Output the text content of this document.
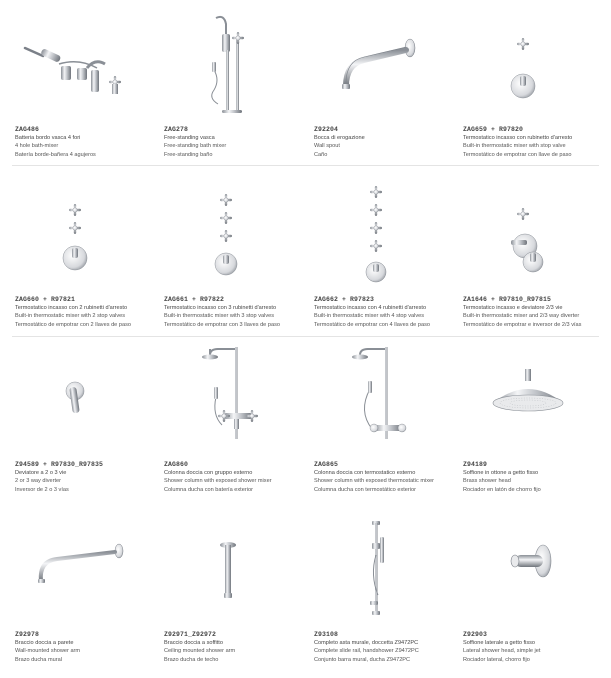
ZAG486
Batteria bordo vasca 4 fori
4 hole bath-mixer
Batería borde-bañera 4 agujeros
ZAG278
Free-standing vasca
Free-standing bath mixer
Free-standing baño
Z92204
Bocca di erogazione
Wall spout
Caño
ZAG659 + R97820
Termostatico incasso con rubinetto d'arresto
Built-in thermostatic mixer with stop valve
Termostático de empotrar con llave de paso
ZAG660 + R97821
Termostatico incasso con 2 rubinetti d'arresto
Built-in thermostatic mixer with 2 stop valves
Termostático de empotrar con 2 llaves de paso
ZAG661 + R97822
Termostatico incasso con 3 rubinetti d'arresto
Built-in thermostatic mixer with 3 stop valves
Termostático de empotrar con 3 llaves de paso
ZAG662 + R97823
Termostatico incasso con 4 rubinetti d'arresto
Built-in thermostatic mixer with 4 stop valves
Termostático de empotrar con 4 llaves de paso
ZA1646 + R97810_R97815
Termostatico incasso e deviatore 2/3 vie
Built-in thermostatic mixer and 2/3 way diverter
Termostático de empotrar e inversor de 2/3 vías
Z94589 + R97830_R97835
Deviatore a 2 o 3 vie
2 or 3 way diverter
Inversor de 2 o 3 vías
ZAG860
Colonna doccia con gruppo esterno
Shower column with exposed shower mixer
Columna ducha con batería exterior
ZAG865
Colonna doccia con termostatico esterno
Shower column with exposed thermostatic mixer
Columna ducha con termostático exterior
Z94189
Soffione in ottone a getto fisso
Brass shower head
Rociador en latón de chorro fijo
Z92978
Braccio doccia a parete
Wall-mounted shower arm
Brazo ducha mural
Z92971_Z92972
Braccio doccia a soffitto
Ceiling mounted shower arm
Brazo ducha de techo
Z93108
Completo asta murale, doccetta Z9472PC
Complete slide rail, handshower Z9472PC
Conjunto barra mural, ducha Z9472PC
Z92903
Soffione laterale a getto fisso
Lateral shower head, simple jet
Rociador lateral, chorro fijo
